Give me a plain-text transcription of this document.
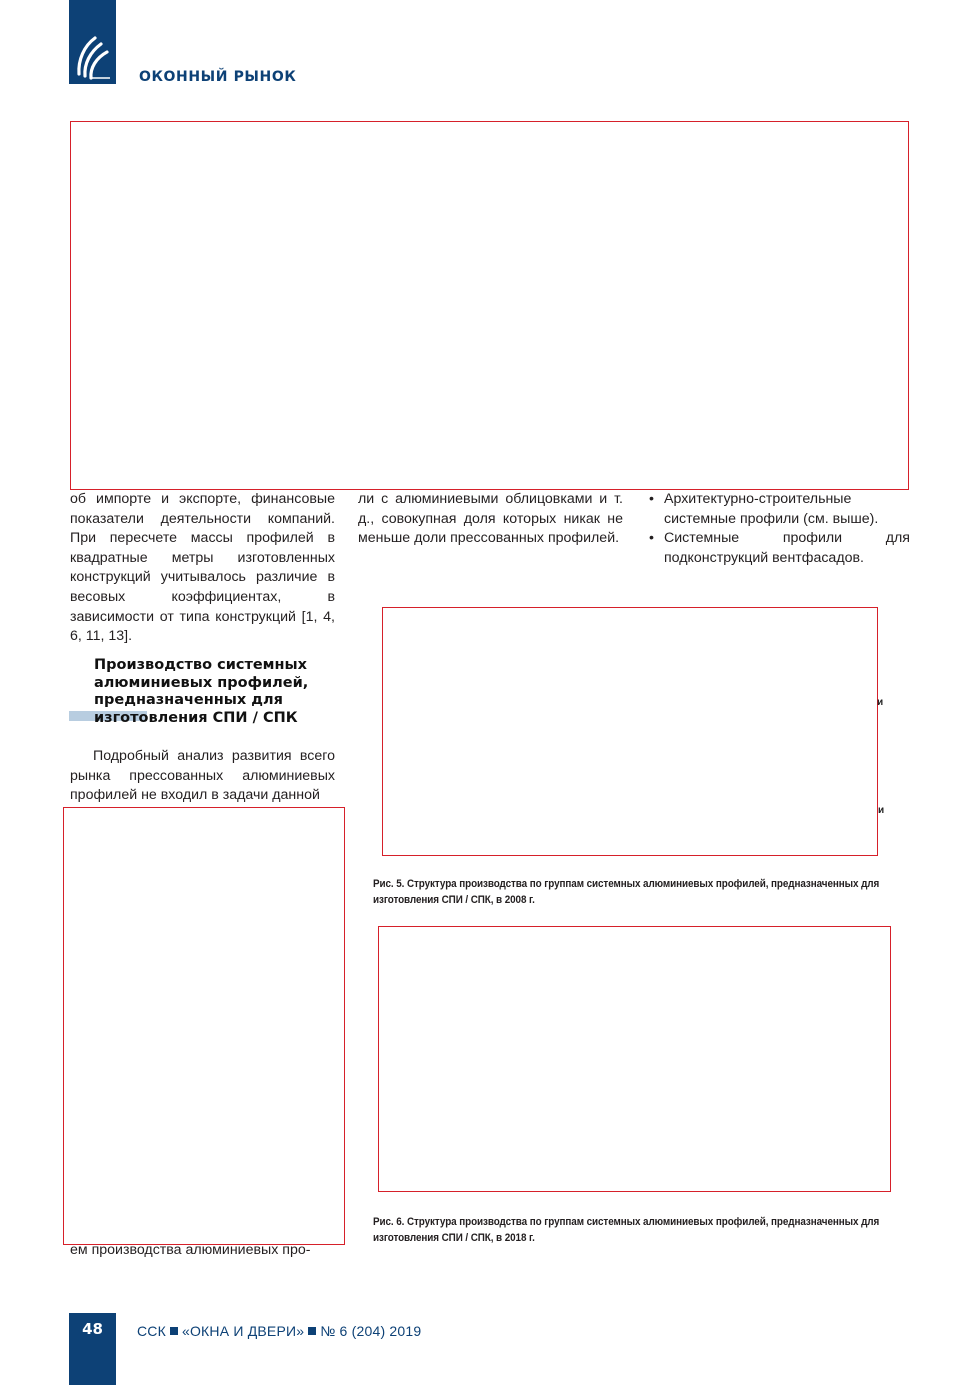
ОКОННЫЙ РЫНОК

об импорте и экспорте, финансовые показатели деятельности компаний. При пересчете массы профилей в квадратные метры изготовленных конструкций учитывалось различие в весовых коэффициентах, в зависимости от типа конструкций [1, 4, 6, 11, 13].

ли с алюминиевыми облицовками и т. д., совокупная доля которых никак не меньше доли прессованных профилей.

• Архитектурно-строительные системные профили (см. выше).
• Системные профили для подконструкций вентфасадов.
Производство системных алюминиевых профилей, предназначенных для изготовления СПИ / СПК

Подробный анализ развития всего рынка прессованных алюминиевых профилей не входил в задачи данной

ем производства алюминиевых про-

и
и
Рис. 5. Структура производства по группам системных алюминиевых профилей, предназначенных для изготовления СПИ / СПК, в 2008 г.
Рис. 6. Структура производства по группам системных алюминиевых профилей, предназначенных для изготовления СПИ / СПК, в 2018 г.
48	ССК «ОКНА И ДВЕРИ» № 6 (204) 2019
